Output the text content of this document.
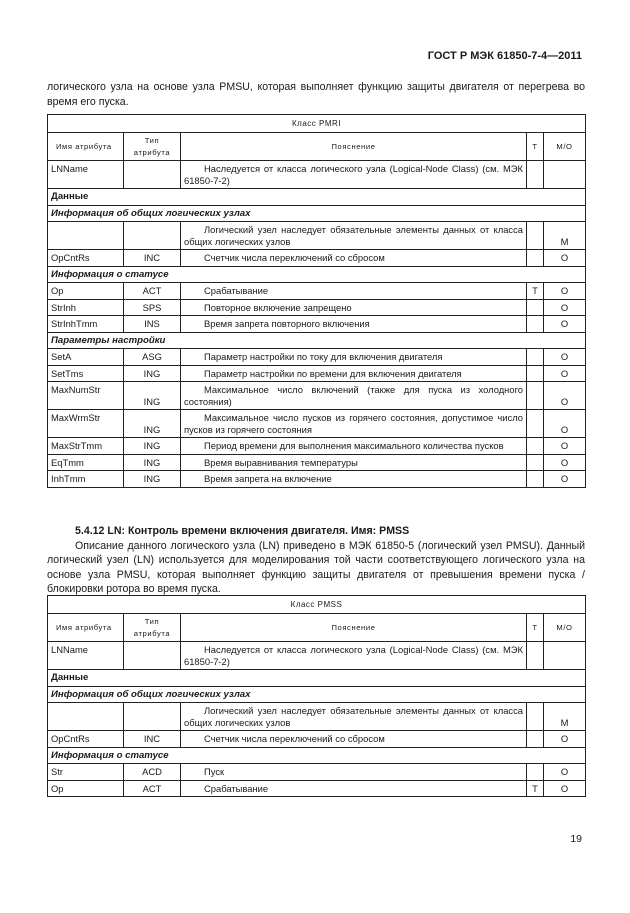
ГОСТ Р МЭК 61850-7-4—2011
логического узла на основе узла PMSU, которая выполняет функцию защиты двигателя от перегрева во время его пуска.
Класс PMRI				
Имя атрибута	Тип атрибута	Пояснение	T	M/O
LNName		Наследуется от класса логического узла (Logical-Node Class) (см. МЭК 61850-7-2)		
Данные				
Информация об общих логических узлах				
		Логический узел наследует обязательные элементы данных от класса общих логических узлов		M
OpCntRs	INC	Счетчик числа переключений со сбросом		O
Информация о статусе				
Op	ACT	Срабатывание	T	O
StrInh	SPS	Повторное включение запрещено		O
StrInhTmm	INS	Время запрета повторного включения		O
Параметры настройки				
SetA	ASG	Параметр настройки по току для включения двигателя		O
SetTms	ING	Параметр настройки по времени для включения двигателя		O
MaxNumStr	ING	Максимальное число включений (также для пуска из холодного состояния)		O
MaxWrmStr	ING	Максимальное число пусков из горячего состояния, допустимое число пусков из горячего состояния		O
MaxStrTmm	ING	Период времени для выполнения максимального количества пусков		O
EqTmm	ING	Время выравнивания температуры		O
InhTmm	ING	Время запрета на включение		O
5.4.12 LN: Контроль времени включения двигателя. Имя: PMSS
Описание данного логического узла (LN) приведено в МЭК 61850-5 (логический узел PMSU). Данный логический узел (LN) используется для моделирования той части соответствующего логического узла на основе узла PMSU, которая выполняет функцию защиты двигателя от превышения времени пуска / блокировки ротора во время пуска.
Класс PMSS				
Имя атрибута	Тип атрибута	Пояснение	T	M/O
LNName		Наследуется от класса логического узла (Logical-Node Class) (см. МЭК 61850-7-2)		
Данные				
Информация об общих логических узлах				
		Логический узел наследует обязательные элементы данных от класса общих логических узлов		M
OpCntRs	INC	Счетчик числа переключений со сбросом		O
Информация о статусе				
Str	ACD	Пуск		O
Op	ACT	Срабатывание	T	O
19
